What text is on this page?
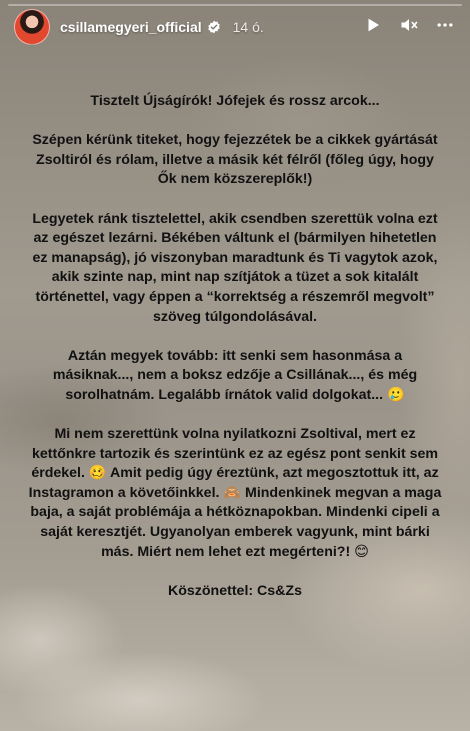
csillamegyeri_official 14 ó.

Tisztelt Újságírók! Jófejek és rossz arcok...

Szépen kérünk titeket, hogy fejezzétek be a cikkek gyártását Zsoltiról és rólam, illetve a másik két félről (főleg úgy, hogy Ők nem közszereplők!)

Legyetek ránk tisztelettel, akik csendben szerettük volna ezt az egészet lezárni. Békében váltunk el (bármilyen hihetetlen ez manapság), jó viszonyban maradtunk és Ti vagytok azok, akik szinte nap, mint nap szítjátok a tüzet a sok kitalált történettel, vagy éppen a “korrektség a részemről megvolt” szöveg túlgondolásával.

Aztán megyek tovább: itt senki sem hasonmása a másiknak..., nem a boksz edzője a Csillának..., és még sorolhatnám. Legalább írnátok valid dolgokat... 🥲

Mi nem szerettünk volna nyilatkozni Zsoltival, mert ez kettőnkre tartozik és szerintünk ez az egész pont senkit sem érdekel. 🥴 Amit pedig úgy éreztünk, azt megosztottuk itt, az Instagramon a követőinkkel. 🙈 Mindenkinek megvan a maga baja, a saját problémája a hétköznapokban. Mindenki cipeli a saját keresztjét. Ugyanolyan emberek vagyunk, mint bárki más. Miért nem lehet ezt megérteni?! 😊

Köszönettel: Cs&Zs
